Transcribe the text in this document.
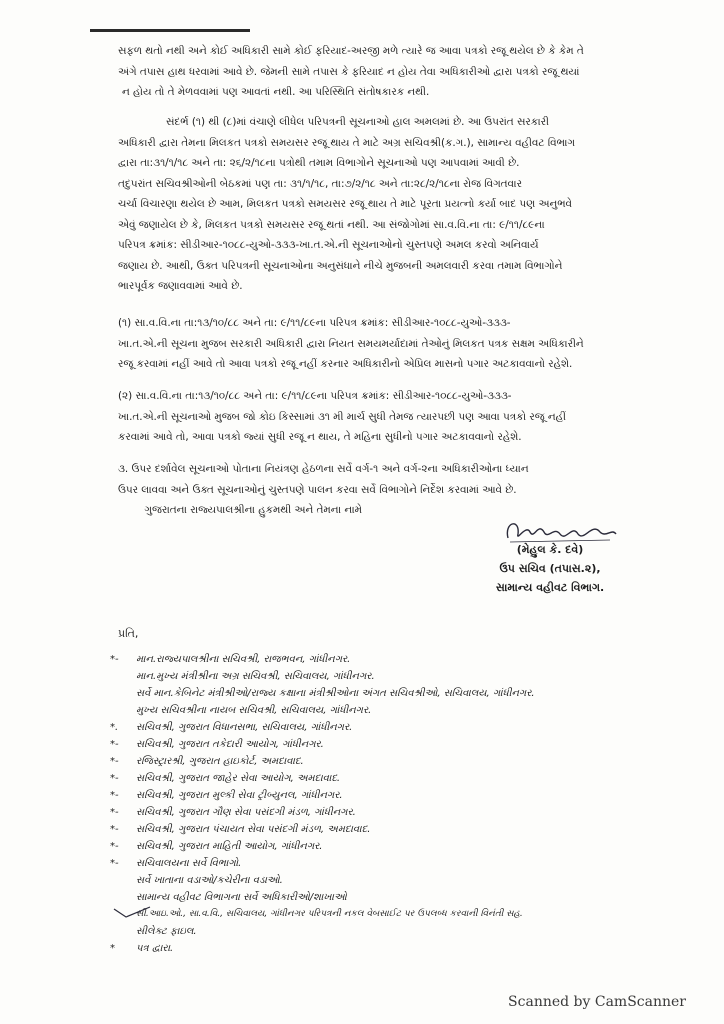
સફળ થતો નથી અને કોઈ અધિકારી સામે કોઈ ફરિયાદ-અરજી મળે ત્યારે જ આવા પત્રકો રજૂ થયેલ છે કે કેમ તે
અંગે તપાસ હાથ ધરવામાં આવે છે. જેમની સામે તપાસ કે ફરિયાદ ન હોય તેવા અધિકારીઓ દ્વારા પત્રકો રજૂ થયાં
ન હોય તો તે મેળવવામાં પણ આવતાં નથી. આ પરિસ્થિતિ સંતોષકારક નથી.
સંદર્ભ (૧) થી (૮)માં વંચાણે લીધેલ પરિપત્રની સૂચનાઓ હાલ અમલમાં છે. આ ઉપરાંત સરકારી
અધિકારી દ્વારા તેમના મિલકત પત્રકો સમયસર રજૂ થાય તે માટે અગ્ર સચિવશ્રી(ક.ગ.), સામાન્ય વહીવટ વિભાગ
દ્વારા તા:૩૧/૧/૧૮ અને તા: ૨૬/૨/૧૮ના પત્રોથી તમામ વિભાગોને સૂચનાઓ પણ આપવામાં આવી છે.
તદુપરાંત સચિવશ્રીઓની બેઠકમાં પણ તા: ૩૧/૧/૧૮, તા:૭/૨/૧૮ અને તા:૨૮/૨/૧૮ના રોજ વિગતવાર
ચર્ચા વિચારણા થયેલ છે આમ, મિલકત પત્રકો સમયસર રજૂ થાય તે માટે પૂરતા પ્રયત્નો કર્યા બાદ પણ અનુભવે
એવું જણાયેલ છે કે, મિલકત પત્રકો સમયસર રજૂ થતાં નથી. આ સંજોગોમાં સા.વ.વિ.ના તા: ૯/૧૧/૮૯ના
પરિપત્ર ક્રમાંક: સીડીઆર-૧૦૮૮-યુઓ-૩૩૩-ખા.ત.એ.ની સૂચનાઓનો ચુસ્તપણે અમલ કરવો અનિવાર્ય
જણાય છે. આથી, ઉક્ત પરિપત્રની સૂચનાઓના અનુસંધાને નીચે મુજબની અમલવારી કરવા તમામ વિભાગોને
ભારપૂર્વક જણાવવામાં આવે છે.
(૧) સા.વ.વિ.ના તા:૧૩/૧૦/૮૮ અને તા: ૯/૧૧/૮૯ના પરિપત્ર ક્રમાંક: સીડીઆર-૧૦૮૮-યુઓ-૩૩૩-
ખા.ત.એ.ની સૂચના મુજબ સરકારી અધિકારી દ્વારા નિયત સમયમર્યાદામાં તેઓનું મિલકત પત્રક સક્ષમ અધિકારીને
રજૂ કરવામાં નહીં આવે તો આવા પત્રકો રજૂ નહીં કરનાર અધિકારીનો એપ્રિલ માસનો પગાર અટકાવવાનો રહેશે.
(૨) સા.વ.વિ.ના તા:૧૩/૧૦/૮૮ અને તા: ૯/૧૧/૮૯ના પરિપત્ર ક્રમાંક: સીડીઆર-૧૦૮૮-યુઓ-૩૩૩-
ખા.ત.એ.ની સૂચનાઓ મુજબ જો કોઇ કિસ્સામાં ૩૧ મી માર્ચ સુધી તેમજ ત્યારપછી પણ આવા પત્રકો રજૂ નહીં
કરવામાં આવે તો, આવા પત્રકો જ્યાં સુધી રજૂ ન થાય, તે મહિના સુધીનો પગાર અટકાવવાનો રહેશે.
૩. ઉપર દર્શાવેલ સૂચનાઓ પોતાના નિયંત્રણ હેઠળના સર્વે વર્ગ-૧ અને વર્ગ-૨ના અધિકારીઓના ધ્યાન
ઉપર લાવવા અને ઉક્ત સૂચનાઓનું ચુસ્તપણે પાલન કરવા સર્વે વિભાગોને નિર્દેશ કરવામાં આવે છે.
ગુજરાતના રાજ્યપાલશ્રીના હુકમથી અને તેમના નામે
(મેહુલ કે. દવે)
ઉપ સચિવ (તપાસ.૨),
સામાન્ય વહીવટ વિભાગ.
પ્રતિ,
*-	માન.રાજ્યપાલશ્રીના સચિવશ્રી, રાજભવન, ગાંધીનગર.
માન.મુખ્ય મંત્રીશ્રીના અગ્ર સચિવશ્રી, સચિવાલય, ગાંધીનગર.
સર્વે માન.કેબિનેટ મંત્રીશ્રીઓ/રાજ્ય કક્ષાના મંત્રીશ્રીઓના અંગત સચિવશ્રીઓ, સચિવાલય, ગાંધીનગર.
મુખ્ય સચિવશ્રીના નાયબ સચિવશ્રી, સચિવાલય, ગાંધીનગર.
*.	સચિવશ્રી, ગુજરાત વિધાનસભા, સચિવાલય, ગાંધીનગર.
*-	સચિવશ્રી, ગુજરાત તકેદારી આયોગ, ગાંધીનગર.
*-	રજિસ્ટ્રારશ્રી, ગુજરાત હાઇકોર્ટ, અમદાવાદ.
*-	સચિવશ્રી, ગુજરાત જાહેર સેવા આયોગ, અમદાવાદ.
*-	સચિવશ્રી, ગુજરાત મુલ્કી સેવા ટ્રીબ્યુનલ, ગાંધીનગર.
*-	સચિવશ્રી, ગુજરાત ગૌણ સેવા પસંદગી મંડળ, ગાંધીનગર.
*-	સચિવશ્રી, ગુજરાત પંચાયત સેવા પસંદગી મંડળ, અમદાવાદ.
*-	સચિવશ્રી, ગુજરાત માહિતી આયોગ, ગાંધીનગર.
*-	સચિવાલયના સર્વે વિભાગો.
સર્વે ખાતાના વડાઓ/કચેરીના વડાઓ.
સામાન્ય વહીવટ વિભાગના સર્વે અધિકારીઓ/શાખાઓ
સી.આઇ.ઓ., સા.વ.વિ., સચિવાલય, ગાંધીનગર પરિપત્રની નકલ વેબસાઈટ પર ઉપલબ્ધ કરવાની વિનંતી સહ.
સીલેક્ટ ફાઇલ.
*	પત્ર દ્વારા.
Scanned by CamScanner
